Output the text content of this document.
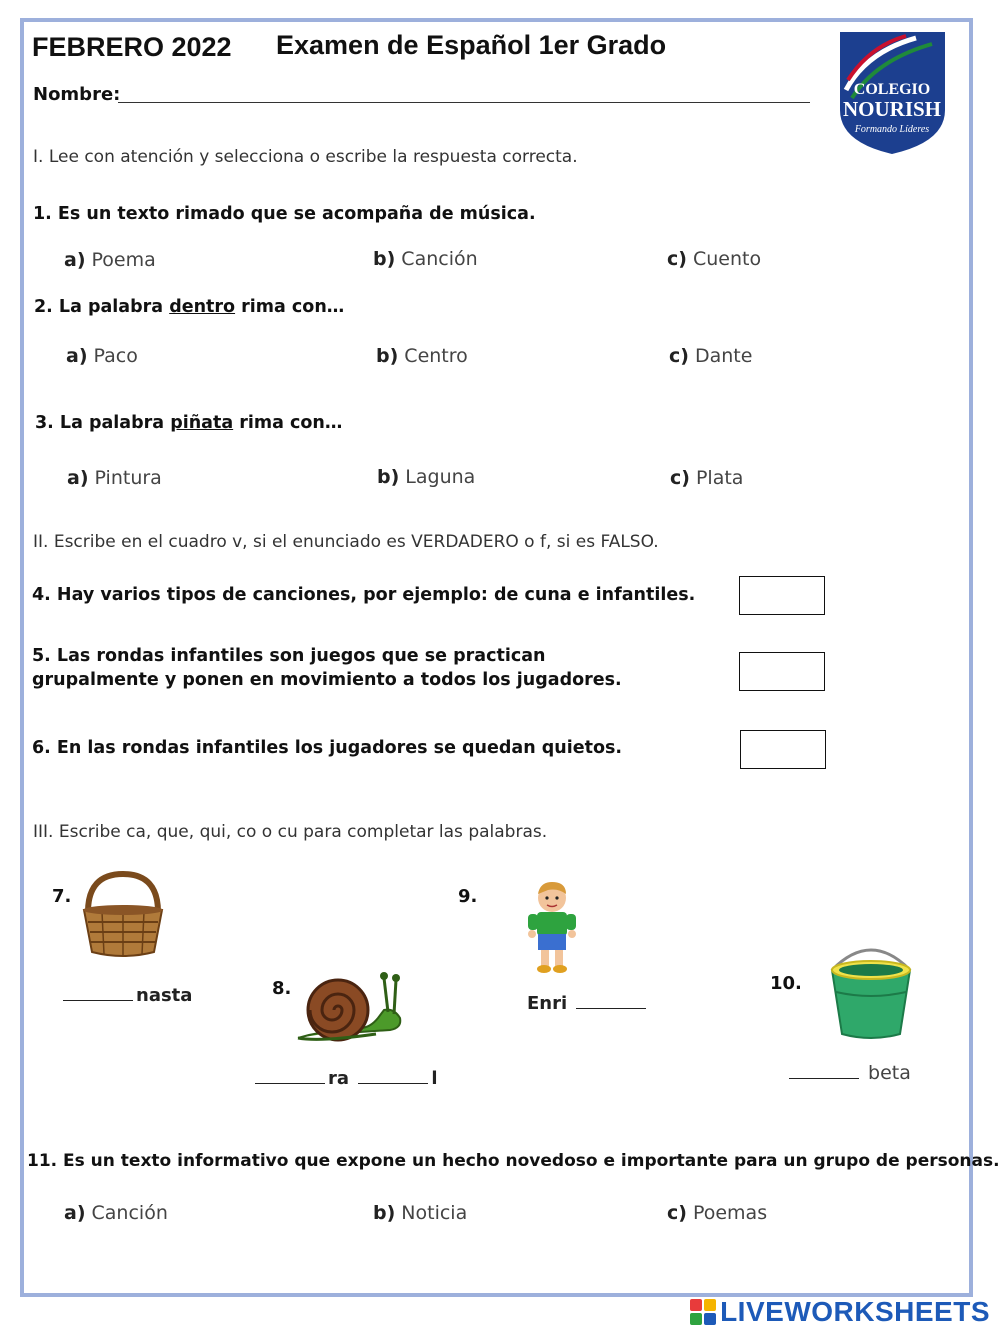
FEBRERO 2022 Examen de Español 1er Grado
Nombre:	COLEGIO
NOURISH
Formando Líderes
I. Lee con atención y selecciona o escribe la respuesta correcta.
1. Es un texto rimado que se acompaña de música.
a) Poema	b) Canción	c) Cuento
2. La palabra dentro rima con…
a) Paco	b) Centro	c) Dante
3. La palabra piñata rima con…
a) Pintura	b) Laguna	c) Plata
II. Escribe en el cuadro v, si el enunciado es VERDADERO o f, si es FALSO.
4. Hay varios tipos de canciones, por ejemplo: de cuna e infantiles.
5. Las rondas infantiles son juegos que se practican
grupalmente y ponen en movimiento a todos los jugadores.
6. En las rondas infantiles los jugadores se quedan quietos.
III. Escribe ca, que, qui, co o cu para completar las palabras.
7.
nasta	8.
ra	l
9.
Enri
10.
beta
11. Es un texto informativo que expone un hecho novedoso e importante para un grupo de personas.
a) Canción	b) Noticia	c) Poemas
LIVEWORKSHEETS
